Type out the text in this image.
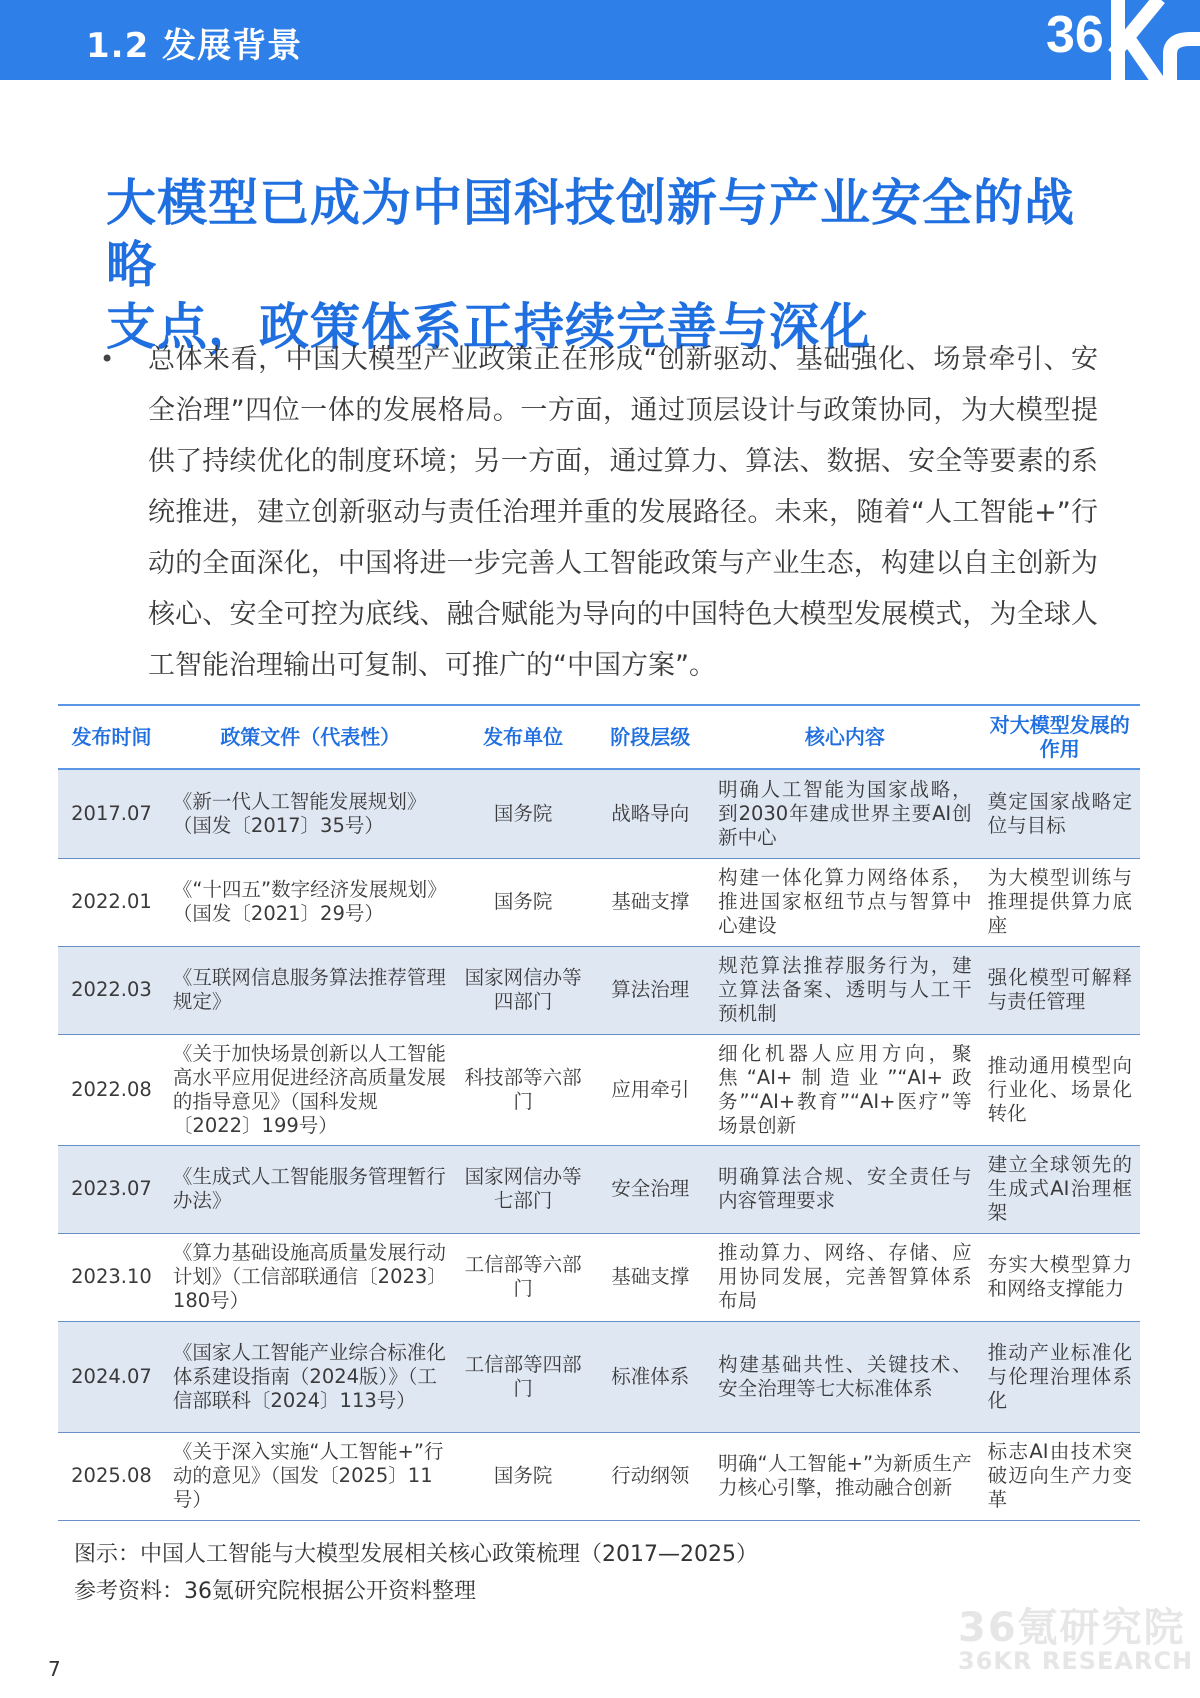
1.2 发展背景	36
大模型已成为中国科技创新与产业安全的战略
支点，政策体系正持续完善与深化
• 总体来看，中国大模型产业政策正在形成“创新驱动、基础强化、场景牵引、安全治理”四位一体的发展格局。一方面，通过顶层设计与政策协同，为大模型提供了持续优化的制度环境；另一方面，通过算力、算法、数据、安全等要素的系统推进，建立创新驱动与责任治理并重的发展路径。未来，随着“人工智能+”行动的全面深化，中国将进一步完善人工智能政策与产业生态，构建以自主创新为核心、安全可控为底线、融合赋能为导向的中国特色大模型发展模式，为全球人工智能治理输出可复制、可推广的“中国方案”。
发布时间	政策文件（代表性）	发布单位	阶段层级	核心内容	对大模型发展的作用
2017.07	《新一代人工智能发展规划》（国发〔2017〕35号）	国务院	战略导向	明确人工智能为国家战略，到2030年建成世界主要AI创新中心	奠定国家战略定位与目标
2022.01	《“十四五”数字经济发展规划》（国发〔2021〕29号）	国务院	基础支撑	构建一体化算力网络体系，推进国家枢纽节点与智算中心建设	为大模型训练与推理提供算力底座
2022.03	《互联网信息服务算法推荐管理规定》	国家网信办等四部门	算法治理	规范算法推荐服务行为，建立算法备案、透明与人工干预机制	强化模型可解释与责任管理
2022.08	《关于加快场景创新以人工智能高水平应用促进经济高质量发展的指导意见》（国科发规〔2022〕199号）	科技部等六部门	应用牵引	细化机器人应用方向，聚焦“AI+制造业”“AI+政务”“AI+教育”“AI+医疗”等场景创新	推动通用模型向行业化、场景化转化
2023.07	《生成式人工智能服务管理暂行办法》	国家网信办等七部门	安全治理	明确算法合规、安全责任与内容管理要求	建立全球领先的生成式AI治理框架
2023.10	《算力基础设施高质量发展行动计划》（工信部联通信〔2023〕180号）	工信部等六部门	基础支撑	推动算力、网络、存储、应用协同发展，完善智算体系布局	夯实大模型算力和网络支撑能力
2024.07	《国家人工智能产业综合标准化体系建设指南（2024版）》（工信部联科〔2024〕113号）	工信部等四部门	标准体系	构建基础共性、关键技术、安全治理等七大标准体系	推动产业标准化与伦理治理体系化
2025.08	《关于深入实施“人工智能+”行动的意见》（国发〔2025〕11号）	国务院	行动纲领	明确“人工智能+”为新质生产力核心引擎，推动融合创新	标志AI由技术突破迈向生产力变革
图示：中国人工智能与大模型发展相关核心政策梳理（2017—2025）
参考资料：36氪研究院根据公开资料整理
36氪研究院
36KR RESEARCH
7
